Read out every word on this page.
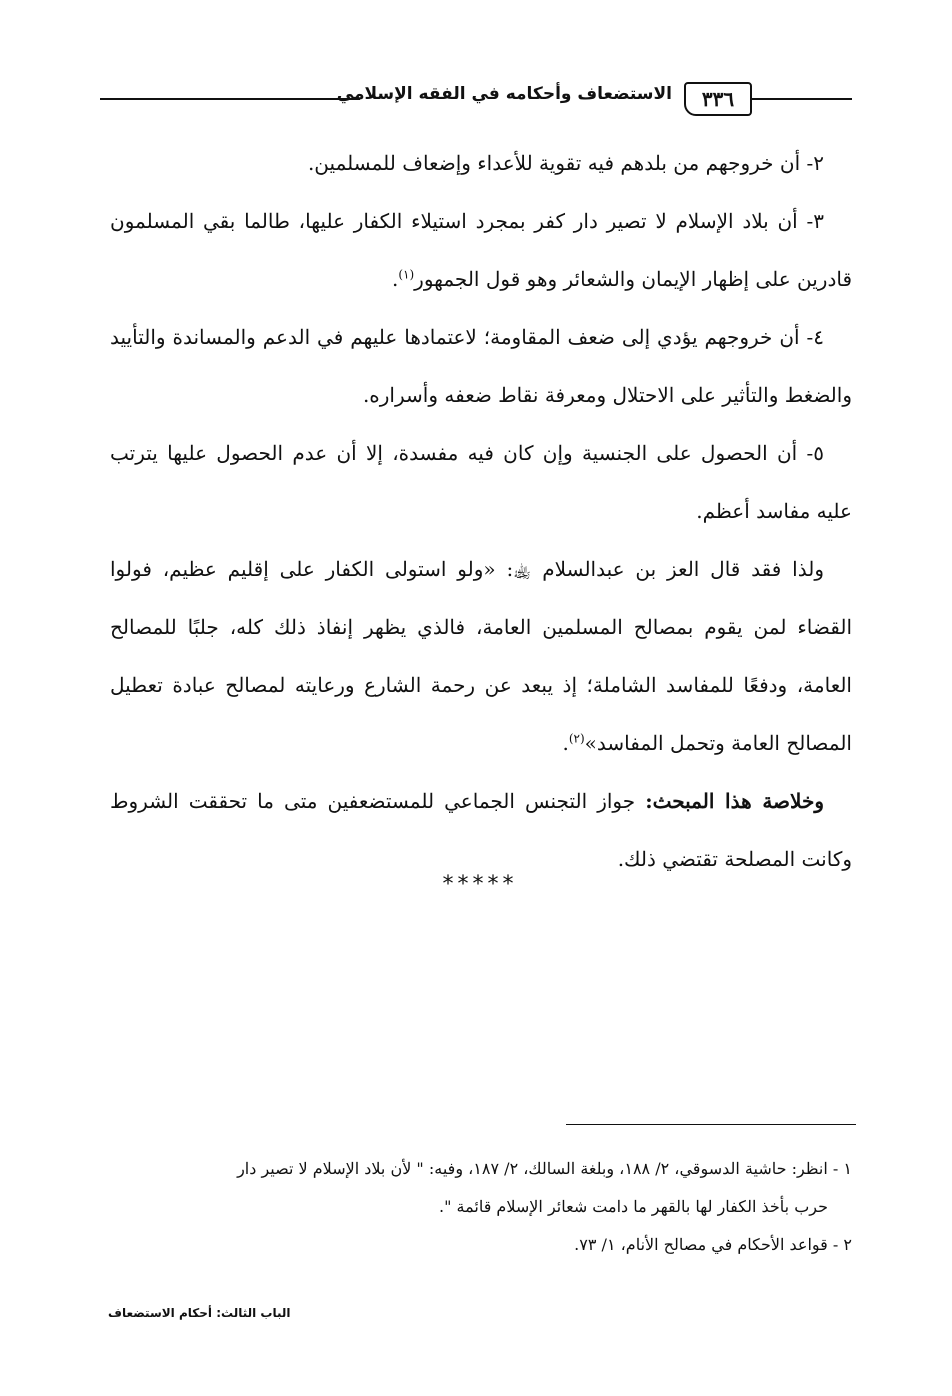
٣٣٦
الاستضعاف وأحكامه في الفقه الإسلامي

٢- أن خروجهم من بلدهم فيه تقوية للأعداء وإضعاف للمسلمين.

٣- أن بلاد الإسلام لا تصير دار كفر بمجرد استيلاء الكفار عليها، طالما بقي المسلمون قادرين على إظهار الإيمان والشعائر وهو قول الجمهور$^{(١)}$.

٤- أن خروجهم يؤدي إلى ضعف المقاومة؛ لاعتمادها عليهم في الدعم والمساندة والتأييد والضغط والتأثير على الاحتلال ومعرفة نقاط ضعفه وأسراره.

٥- أن الحصول على الجنسية وإن كان فيه مفسدة، إلا أن عدم الحصول عليها يترتب عليه مفاسد أعظم.

ولذا فقد قال العز بن عبدالسلام ﵀: «ولو استولى الكفار على إقليم عظيم، فولوا القضاء لمن يقوم بمصالح المسلمين العامة، فالذي يظهر إنفاذ ذلك كله، جلبًا للمصالح العامة، ودفعًا للمفاسد الشاملة؛ إذ يبعد عن رحمة الشارع ورعايته لمصالح عبادة تعطيل المصالح العامة وتحمل المفاسد»$^{(٢)}$.

وخلاصة هذا المبحث: جواز التجنس الجماعي للمستضعفين متى ما تحققت الشروط وكانت المصلحة تقتضي ذلك.

*****

١ - انظر: حاشية الدسوقي، ٢/ ١٨٨، وبلغة السالك، ٢/ ١٨٧، وفيه: " لأن بلاد الإسلام لا تصير دار

حرب بأخذ الكفار لها بالقهر ما دامت شعائر الإسلام قائمة ".

٢ - قواعد الأحكام في مصالح الأنام، ١/ ٧٣.

الباب الثالث: أحكام الاستضعاف
